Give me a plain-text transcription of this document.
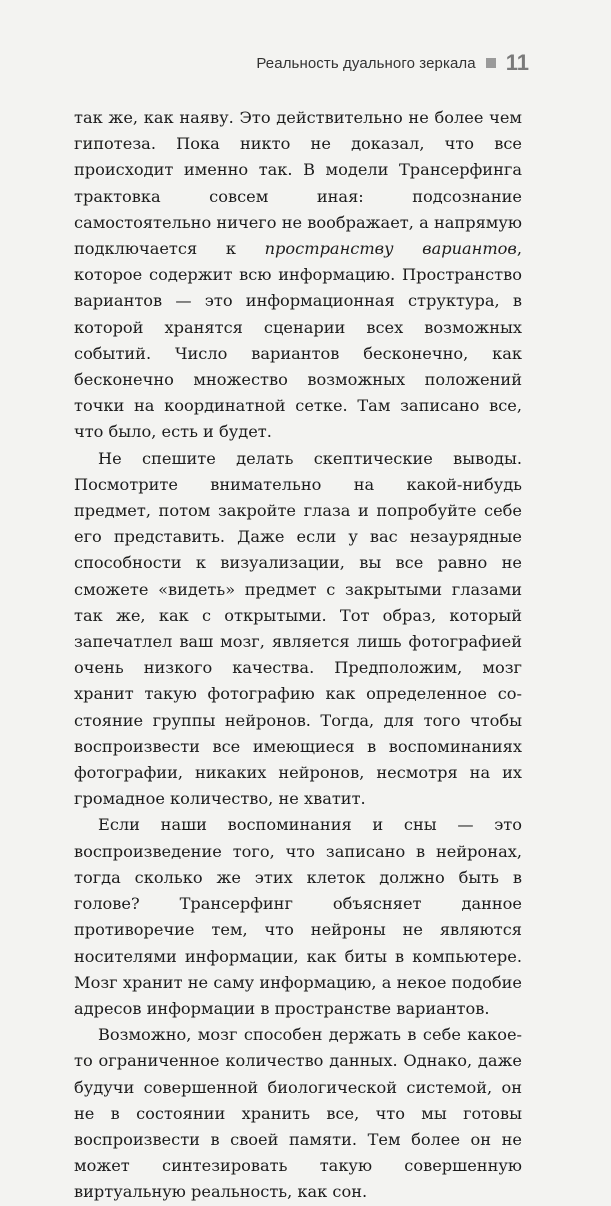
Реальность дуального зеркала 11

так же, как наяву. Это действительно не более чем гипотеза. Пока никто не доказал, что все происходит именно так. В модели Трансерфинга трактовка совсем иная: подсознание самостоятельно ничего не воображает, а напрямую подключается к пространству вариантов, которое содержит всю информацию. Пространство вариантов — это информационная структура, в которой хранятся сценарии всех возможных событий. Число вариантов бесконечно, как бесконечно множество возможных положений точки на координатной сетке. Там записано все, что было, есть и будет.

Не спешите делать скептические выводы. Посмотрите внимательно на какой-нибудь предмет, потом закройте глаза и попробуйте себе его представить. Даже если у вас незаурядные способности к визуализации, вы все равно не сможете «видеть» предмет с закрытыми глазами так же, как с открытыми. Тот образ, который запечатлел ваш мозг, является лишь фотографией очень низкого качества. Предположим, мозг хранит такую фотографию как определенное состояние группы нейронов. Тогда, для того чтобы воспроизвести все имеющиеся в воспоминаниях фотографии, никаких нейронов, несмотря на их громадное количество, не хватит.

Если наши воспоминания и сны — это воспроизведение того, что записано в нейронах, тогда сколько же этих клеток должно быть в голове? Трансерфинг объясняет данное противоречие тем, что нейроны не являются носителями информации, как биты в компьютере. Мозг хранит не саму информацию, а некое подобие адресов информации в пространстве вариантов.

Возможно, мозг способен держать в себе какое-то ограниченное количество данных. Однако, даже будучи совершенной биологической системой, он не в состоянии хранить все, что мы готовы воспроизвести в своей памяти. Тем более он не может синтезировать такую совершенную виртуальную реальность, как сон.
